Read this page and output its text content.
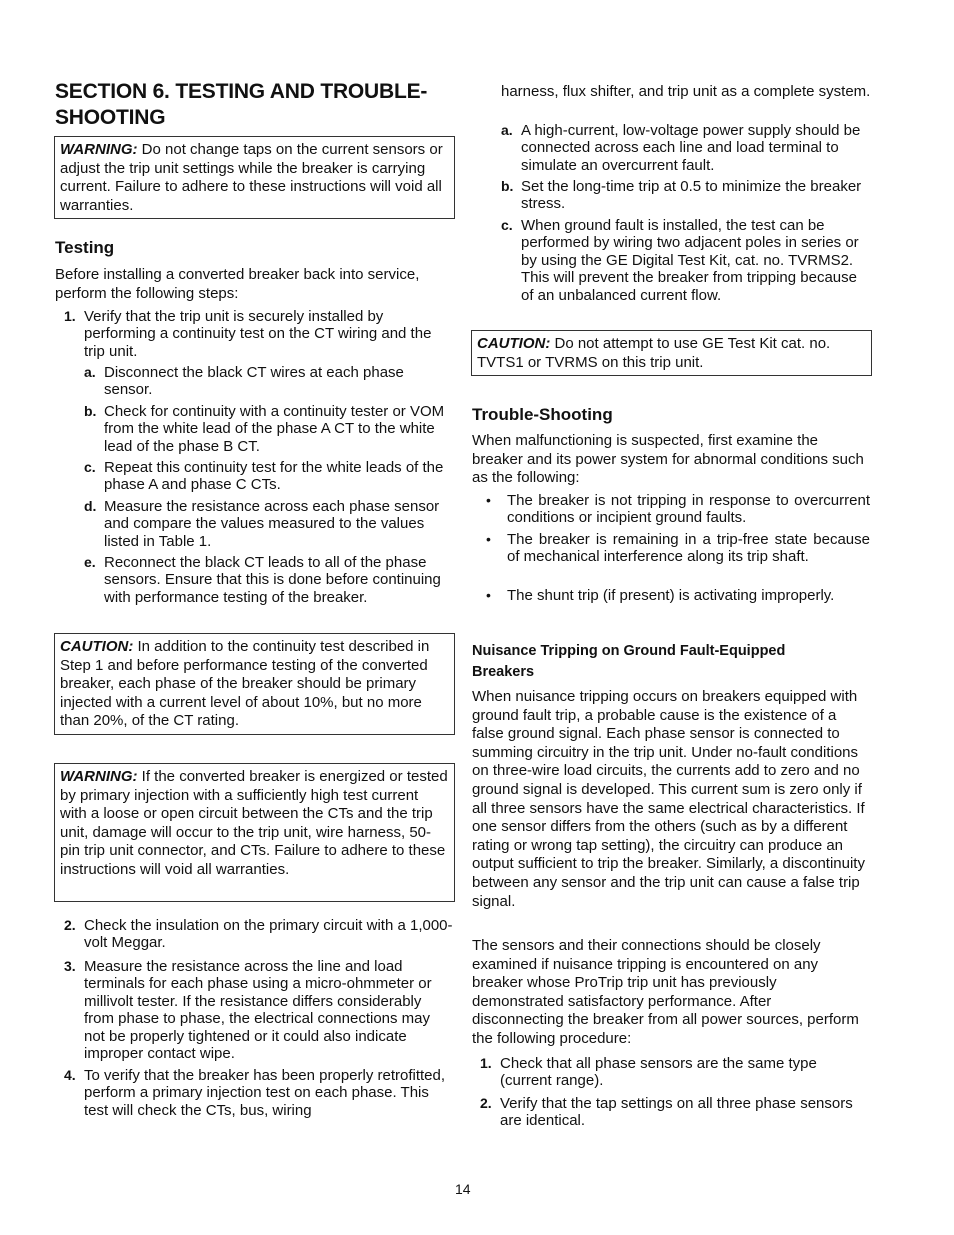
SECTION 6. TESTING AND TROUBLE-SHOOTING
WARNING: Do not change taps on the current sensors or adjust the trip unit settings while the breaker is carrying current. Failure to adhere to these instructions will void all warranties.
Testing
Before installing a converted breaker back into service, perform the following steps:
1. Verify that the trip unit is securely installed by performing a continuity test on the CT wiring and the trip unit.
a. Disconnect the black CT wires at each phase sensor.
b. Check for continuity with a continuity tester or VOM from the white lead of the phase A CT to the white lead of the phase B CT.
c. Repeat this continuity test for the white leads of the phase A and phase C CTs.
d. Measure the resistance across each phase sensor and compare the values measured to the values listed in Table 1.
e. Reconnect the black CT leads to all of the phase sensors. Ensure that this is done before continuing with performance testing of the breaker.
CAUTION: In addition to the continuity test described in Step 1 and before performance testing of the converted breaker, each phase of the breaker should be primary injected with a current level of about 10%, but no more than 20%, of the CT rating.
WARNING: If the converted breaker is energized or tested by primary injection with a sufficiently high test current with a loose or open circuit between the CTs and the trip unit, damage will occur to the trip unit, wire harness, 50-pin trip unit connector, and CTs. Failure to adhere to these instructions will void all warranties.
2. Check the insulation on the primary circuit with a 1,000-volt Meggar.
3. Measure the resistance across the line and load terminals for each phase using a micro-ohmmeter or millivolt tester. If the resistance differs considerably from phase to phase, the electrical connections may not be properly tightened or it could also indicate improper contact wipe.
4. To verify that the breaker has been properly retrofitted, perform a primary injection test on each phase. This test will check the CTs, bus, wiring
harness, flux shifter, and trip unit as a complete system.
a. A high-current, low-voltage power supply should be connected across each line and load terminal to simulate an overcurrent fault.
b. Set the long-time trip at 0.5 to minimize the breaker stress.
c. When ground fault is installed, the test can be performed by wiring two adjacent poles in series or by using the GE Digital Test Kit, cat. no. TVRMS2. This will prevent the breaker from tripping because of an unbalanced current flow.
CAUTION: Do not attempt to use GE Test Kit cat. no. TVTS1 or TVRMS on this trip unit.
Trouble-Shooting
When malfunctioning is suspected, first examine the breaker and its power system for abnormal conditions such as the following:
• The breaker is not tripping in response to overcurrent conditions or incipient ground faults.
• The breaker is remaining in a trip-free state because of mechanical interference along its trip shaft.
• The shunt trip (if present) is activating improperly.
Nuisance Tripping on Ground Fault-Equipped Breakers
When nuisance tripping occurs on breakers equipped with ground fault trip, a probable cause is the existence of a false ground signal. Each phase sensor is connected to summing circuitry in the trip unit. Under no-fault conditions on three-wire load circuits, the currents add to zero and no ground signal is developed. This current sum is zero only if all three sensors have the same electrical characteristics. If one sensor differs from the others (such as by a different rating or wrong tap setting), the circuitry can produce an output sufficient to trip the breaker. Similarly, a discontinuity between any sensor and the trip unit can cause a false trip signal.
The sensors and their connections should be closely examined if nuisance tripping is encountered on any breaker whose ProTrip trip unit has previously demonstrated satisfactory performance. After disconnecting the breaker from all power sources, perform the following procedure:
1. Check that all phase sensors are the same type (current range).
2. Verify that the tap settings on all three phase sensors are identical.
14
